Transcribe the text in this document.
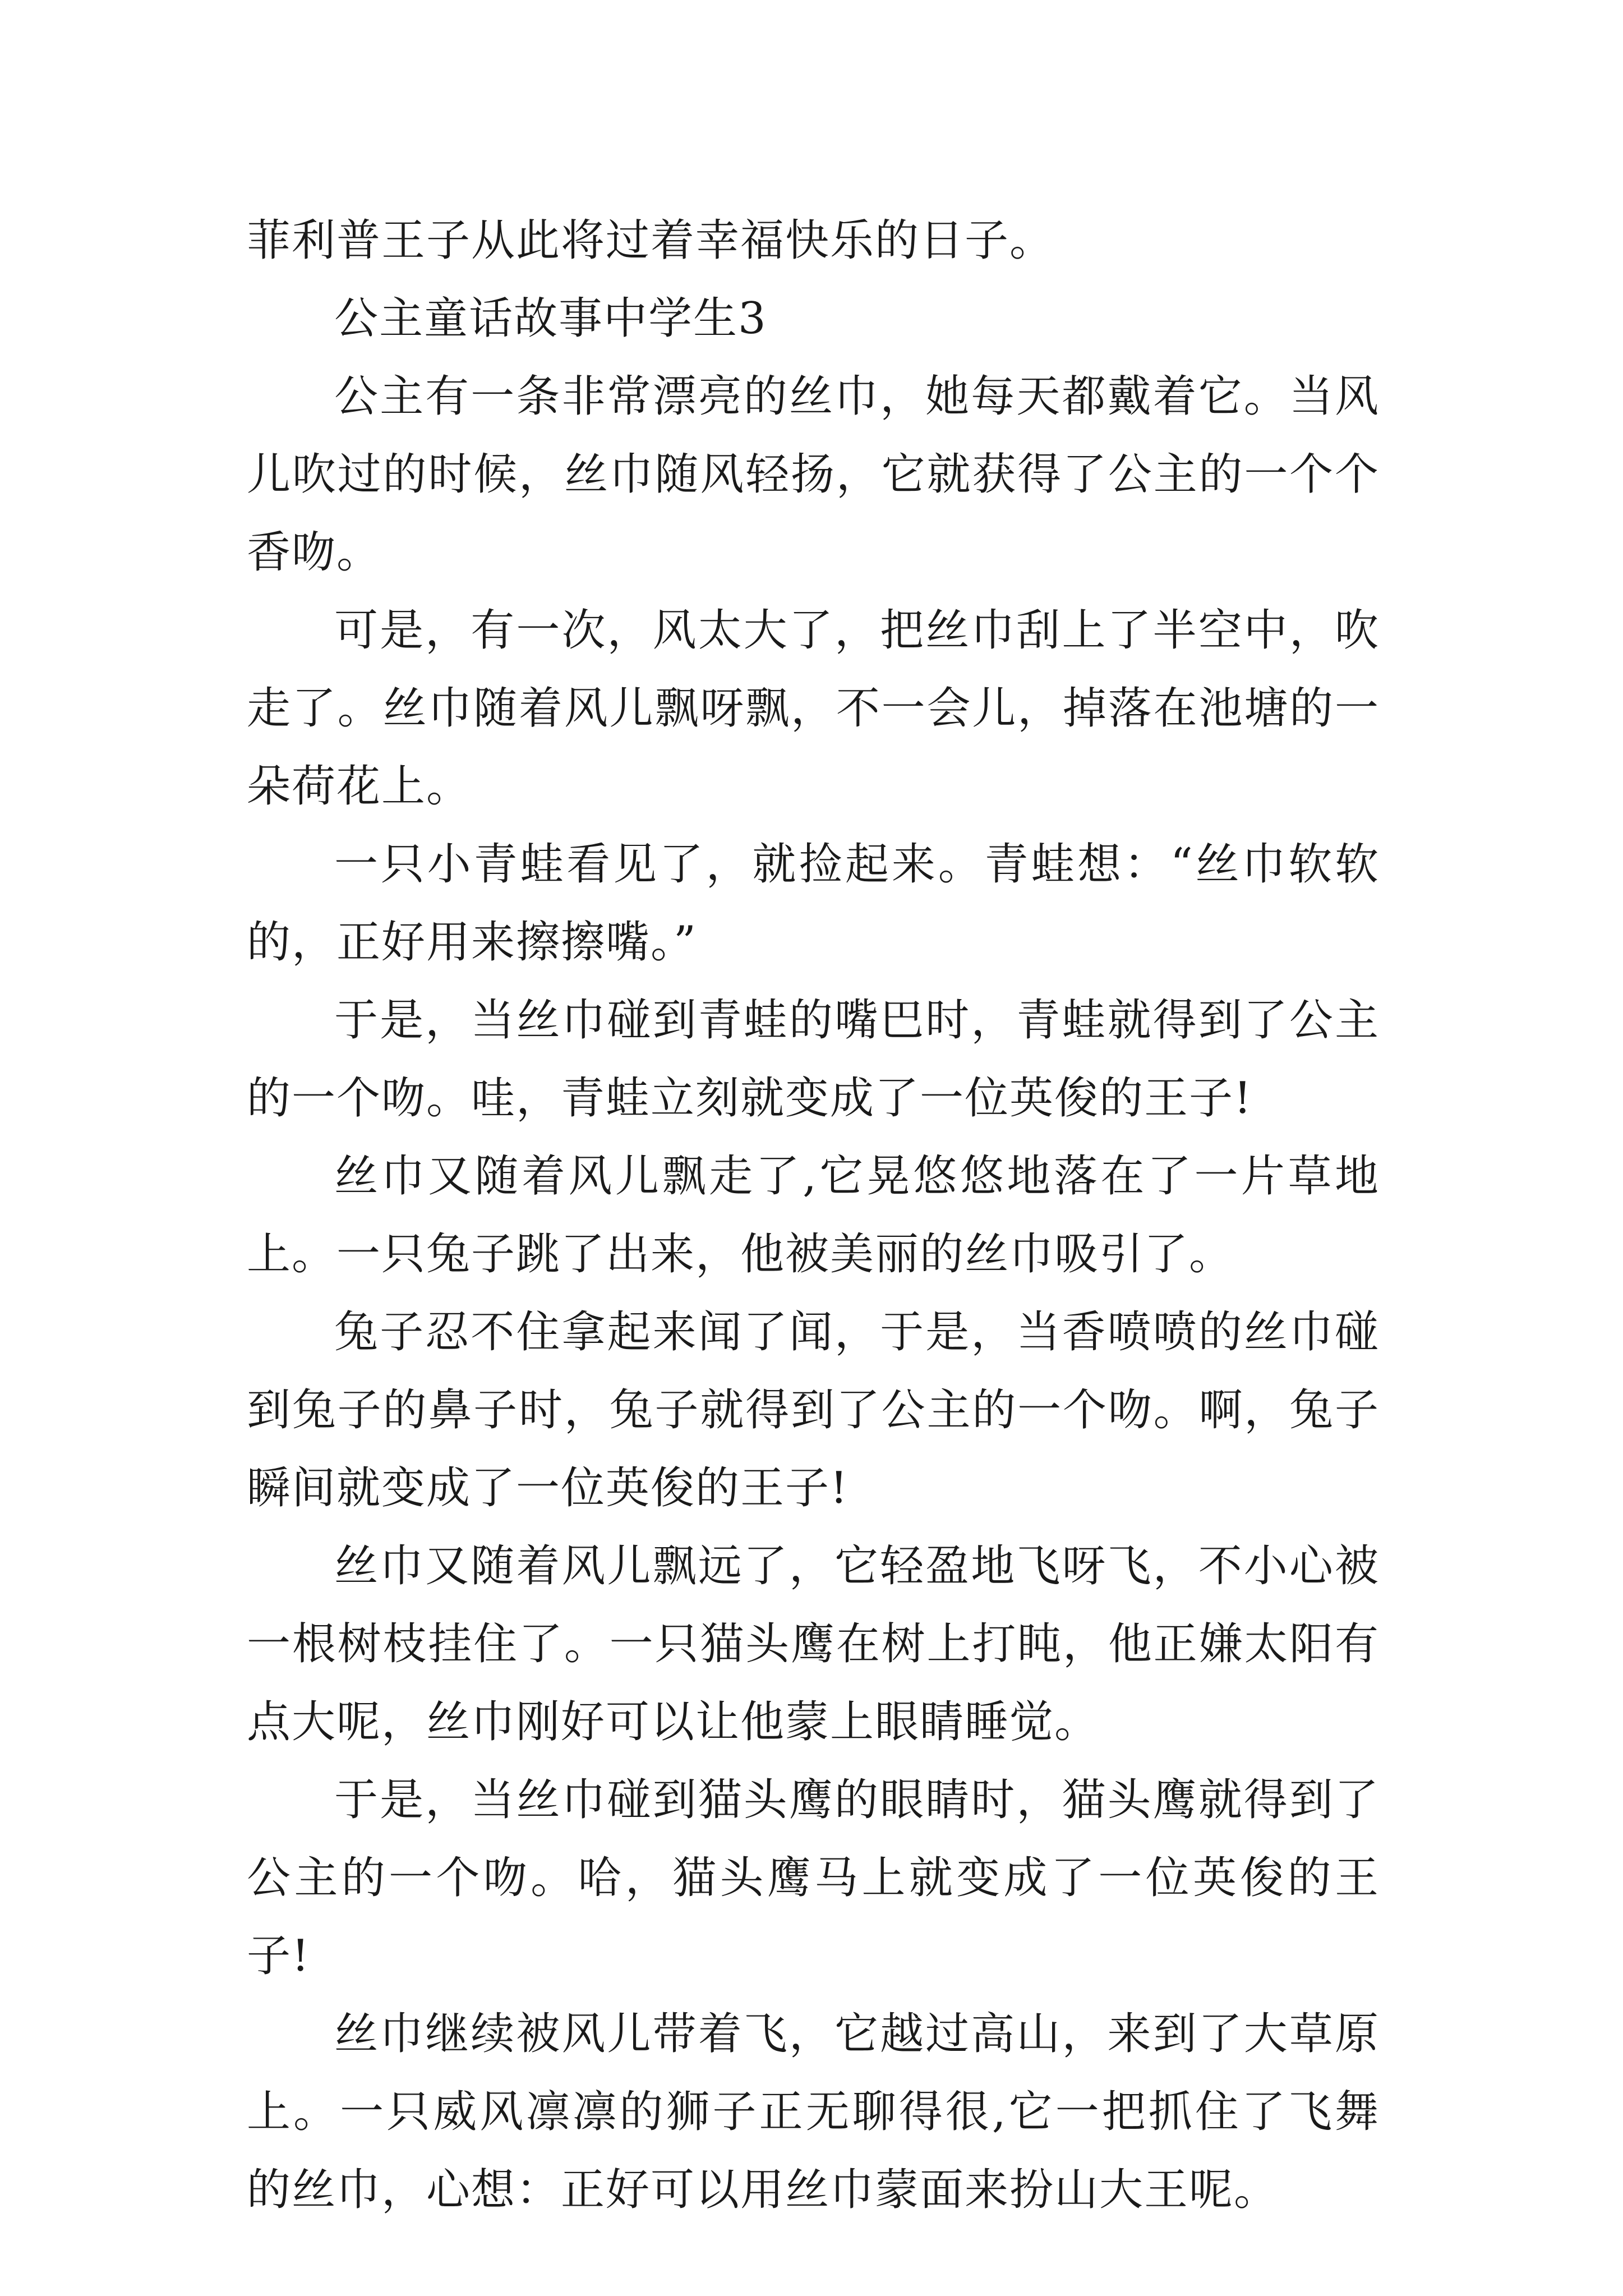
菲利普王子从此将过着幸福快乐的日子。

公主童话故事中学生3

公主有一条非常漂亮的丝巾，她每天都戴着它。当风儿吹过的时候，丝巾随风轻扬，它就获得了公主的一个个香吻。

可是，有一次，风太大了，把丝巾刮上了半空中，吹走了。丝巾随着风儿飘呀飘，不一会儿，掉落在池塘的一朵荷花上。

一只小青蛙看见了，就捡起来。青蛙想：“丝巾软软的，正好用来擦擦嘴。”

于是，当丝巾碰到青蛙的嘴巴时，青蛙就得到了公主的一个吻。哇，青蛙立刻就变成了一位英俊的王子!

丝巾又随着风儿飘走了,它晃悠悠地落在了一片草地上。一只兔子跳了出来，他被美丽的丝巾吸引了。

兔子忍不住拿起来闻了闻，于是，当香喷喷的丝巾碰到兔子的鼻子时，兔子就得到了公主的一个吻。啊，兔子瞬间就变成了一位英俊的王子!

丝巾又随着风儿飘远了，它轻盈地飞呀飞，不小心被一根树枝挂住了。一只猫头鹰在树上打盹，他正嫌太阳有点大呢，丝巾刚好可以让他蒙上眼睛睡觉。

于是，当丝巾碰到猫头鹰的眼睛时，猫头鹰就得到了公主的一个吻。哈，猫头鹰马上就变成了一位英俊的王子!

丝巾继续被风儿带着飞，它越过高山，来到了大草原上。一只威风凛凛的狮子正无聊得很,它一把抓住了飞舞的丝巾，心想：正好可以用丝巾蒙面来扮山大王呢。
